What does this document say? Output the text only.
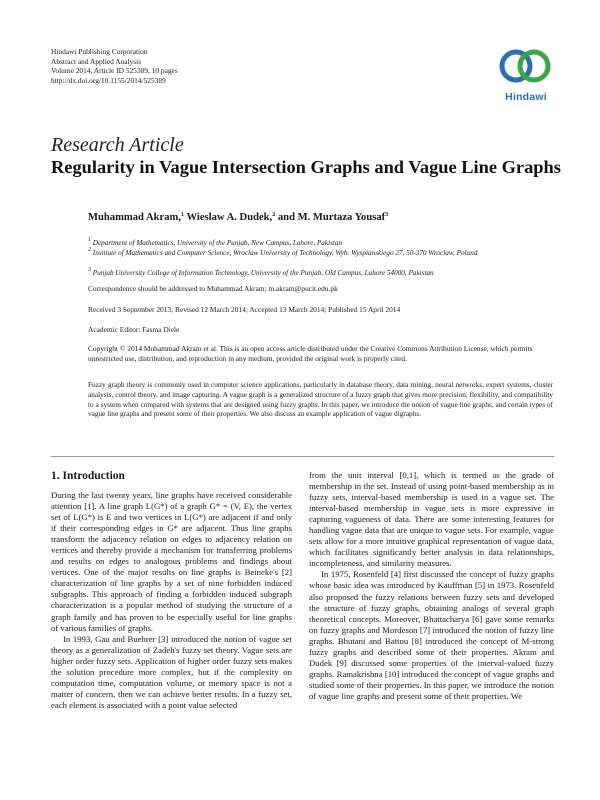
Hindawi Publishing Corporation
Abstract and Applied Analysis
Volume 2014, Article ID 525389, 10 pages
http://dx.doi.org/10.1155/2014/525389
Hindawi
Research Article
Regularity in Vague Intersection Graphs and Vague Line Graphs
Muhammad Akram,$^1$ Wieslaw A. Dudek,$^2$ and M. Murtaza Yousaf$^3$
$^1$ Department of Mathematics, University of the Punjab, New Campus, Lahore, Pakistan
$^2$ Institute of Mathematics and Computer Science, Wroclaw University of Technology, Wyb. Wyspianskiego 27, 50-370 Wroclaw, Poland
$^3$ Punjab University College of Information Technology, University of the Punjab, Old Campus, Lahore 54000, Pakistan
Correspondence should be addressed to Muhammad Akram; m.akram@pucit.edu.pk
Received 3 September 2013; Revised 12 March 2014; Accepted 13 March 2014; Published 15 April 2014
Academic Editor: Fasma Diele
Copyright © 2014 Muhammad Akram et al. This is an open access article distributed under the Creative Commons Attribution License, which permits unrestricted use, distribution, and reproduction in any medium, provided the original work is properly cited.
Fuzzy graph theory is commonly used in computer science applications, particularly in database theory, data mining, neural networks, expert systems, cluster analysis, control theory, and image capturing. A vague graph is a generalized structure of a fuzzy graph that gives more precision, flexibility, and compatibility to a system when compared with systems that are designed using fuzzy graphs. In this paper, we introduce the notion of vague line graphs, and certain types of vague line graphs and present some of their properties. We also discuss an example application of vague digraphs.
1. Introduction

During the last twenty years, line graphs have received considerable attention [1]. A line graph L(G*) of a graph G* = (V, E), the vertex set of L(G*) is E and two vertices in L(G*) are adjacent if and only if their corresponding edges in G* are adjacent. Thus line graphs transform the adjacency relation on edges to adjacency relation on vertices and thereby provide a mechanism for transferring problems and results on edges to analogous problems and findings about vertices. One of the major results on line graphs is Beineke's [2] characterization of line graphs by a set of nine forbidden induced subgraphs. This approach of finding a forbidden induced subgraph characterization is a popular method of studying the structure of a graph family and has proven to be especially useful for line graphs of various families of graphs.

In 1993, Gau and Buehrer [3] introduced the notion of vague set theory as a generalization of Zadeh's fuzzy set theory. Vague sets are higher order fuzzy sets. Application of higher order fuzzy sets makes the solution procedure more complex, but if the complexity on computation time, computation volume, or memory space is not a matter of concern, then we can achieve better results. In a fuzzy set, each element is associated with a point value selected

from the unit interval [0,1], which is termed as the grade of membership in the set. Instead of using point-based membership as in fuzzy sets, interval-based membership is used in a vague set. The interval-based membership in vague sets is more expressive in capturing vagueness of data. There are some interesting features for handling vague data that are unique to vague sets. For example, vague sets allow for a more intuitive graphical representation of vague data, which facilitates significantly better analysis in data relationships, incompleteness, and similarity measures.

In 1975, Rosenfeld [4] first discussed the concept of fuzzy graphs whose basic idea was introduced by Kauffman [5] in 1973. Rosenfeld also proposed the fuzzy relations between fuzzy sets and developed the structure of fuzzy graphs, obtaining analogs of several graph theoretical concepts. Moreover, Bhattacharya [6] gave some remarks on fuzzy graphs and Mordeson [7] introduced the notion of fuzzy line graphs. Bhutani and Battou [8] introduced the concept of M-strong fuzzy graphs and described some of their properties. Akram and Dudek [9] discussed some properties of the interval-valued fuzzy graphs. Ramakrishna [10] introduced the concept of vague graphs and studied some of their properties. In this paper, we introduce the notion of vague line graphs and present some of their properties. We
